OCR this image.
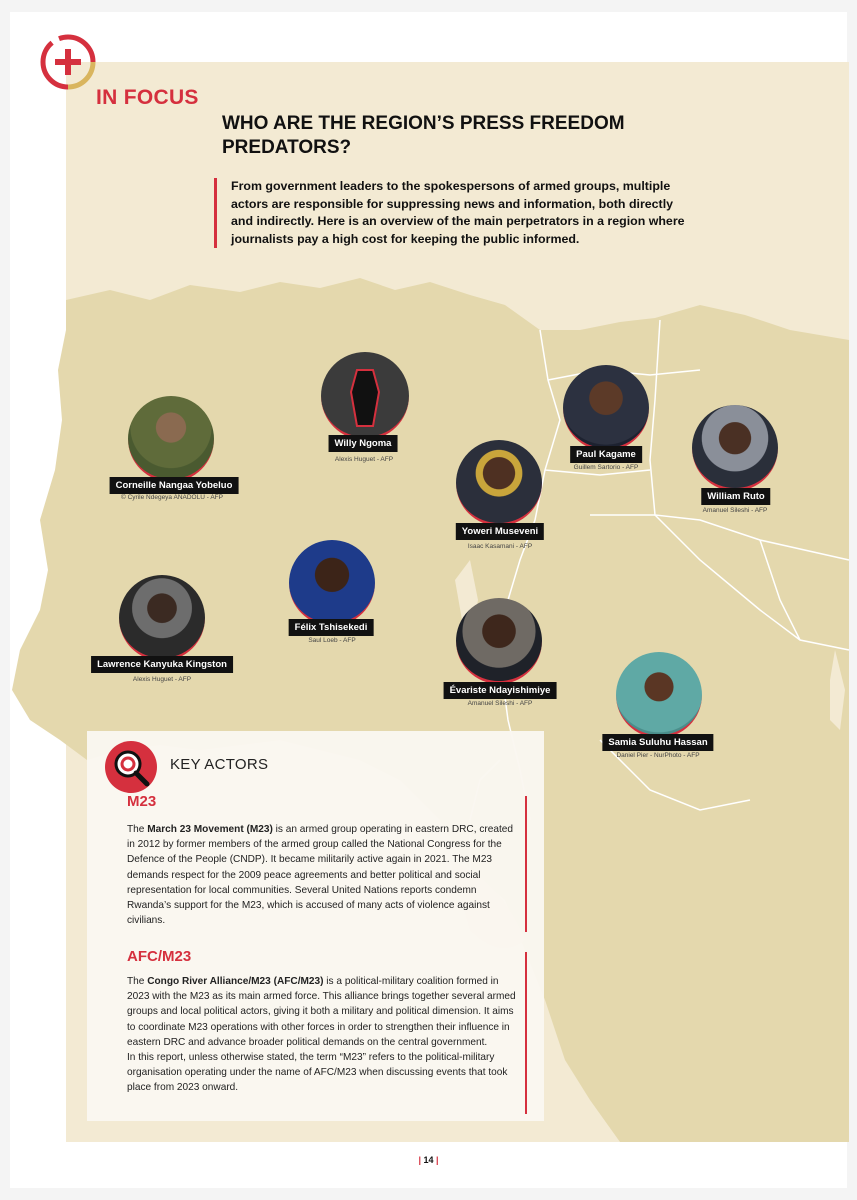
IN FOCUS
WHO ARE THE REGION’S PRESS FREEDOM PREDATORS?
From government leaders to the spokespersons of armed groups, multiple actors are responsible for suppressing news and information, both directly and indirectly. Here is an overview of the main perpetrators in a region where journalists pay a high cost for keeping the public informed.
Corneille Nangaa Yobeluo
© Cyrile Ndegeya ANADOLU - AFP
Willy Ngoma
Alexis Huguet - AFP	Paul Kagame
Guillem Sartorio - AFP
William Ruto
Amanuel Sileshi - AFP
Yoweri Museveni
Isaac Kasamani - AFP
Félix Tshisekedi
Saul Loeb - AFP
Lawrence Kanyuka Kingston
Alexis Huguet - AFP
Évariste Ndayishimiye
Amanuel Sileshi - AFP
Samia Suluhu Hassan
Daniel Pier - NurPhoto - AFP
KEY ACTORS
M23
The March 23 Movement (M23) is an armed group operating in eastern DRC, created in 2012 by former members of the armed group called the National Congress for the Defence of the People (CNDP). It became militarily active again in 2021. The M23 demands respect for the 2009 peace agreements and better political and social representation for local communities. Several United Nations reports condemn Rwanda’s support for the M23, which is accused of many acts of violence against civilians.
AFC/M23
The Congo River Alliance/M23 (AFC/M23) is a political-military coalition formed in 2023 with the M23 as its main armed force. This alliance brings together several armed groups and local political actors, giving it both a military and political dimension. It aims to coordinate M23 operations with other forces in order to strengthen their influence in eastern DRC and advance broader political demands on the central government.
In this report, unless otherwise stated, the term “M23” refers to the political-military organisation operating under the name of AFC/M23 when discussing events that took place from 2023 onward.
| 14 |
